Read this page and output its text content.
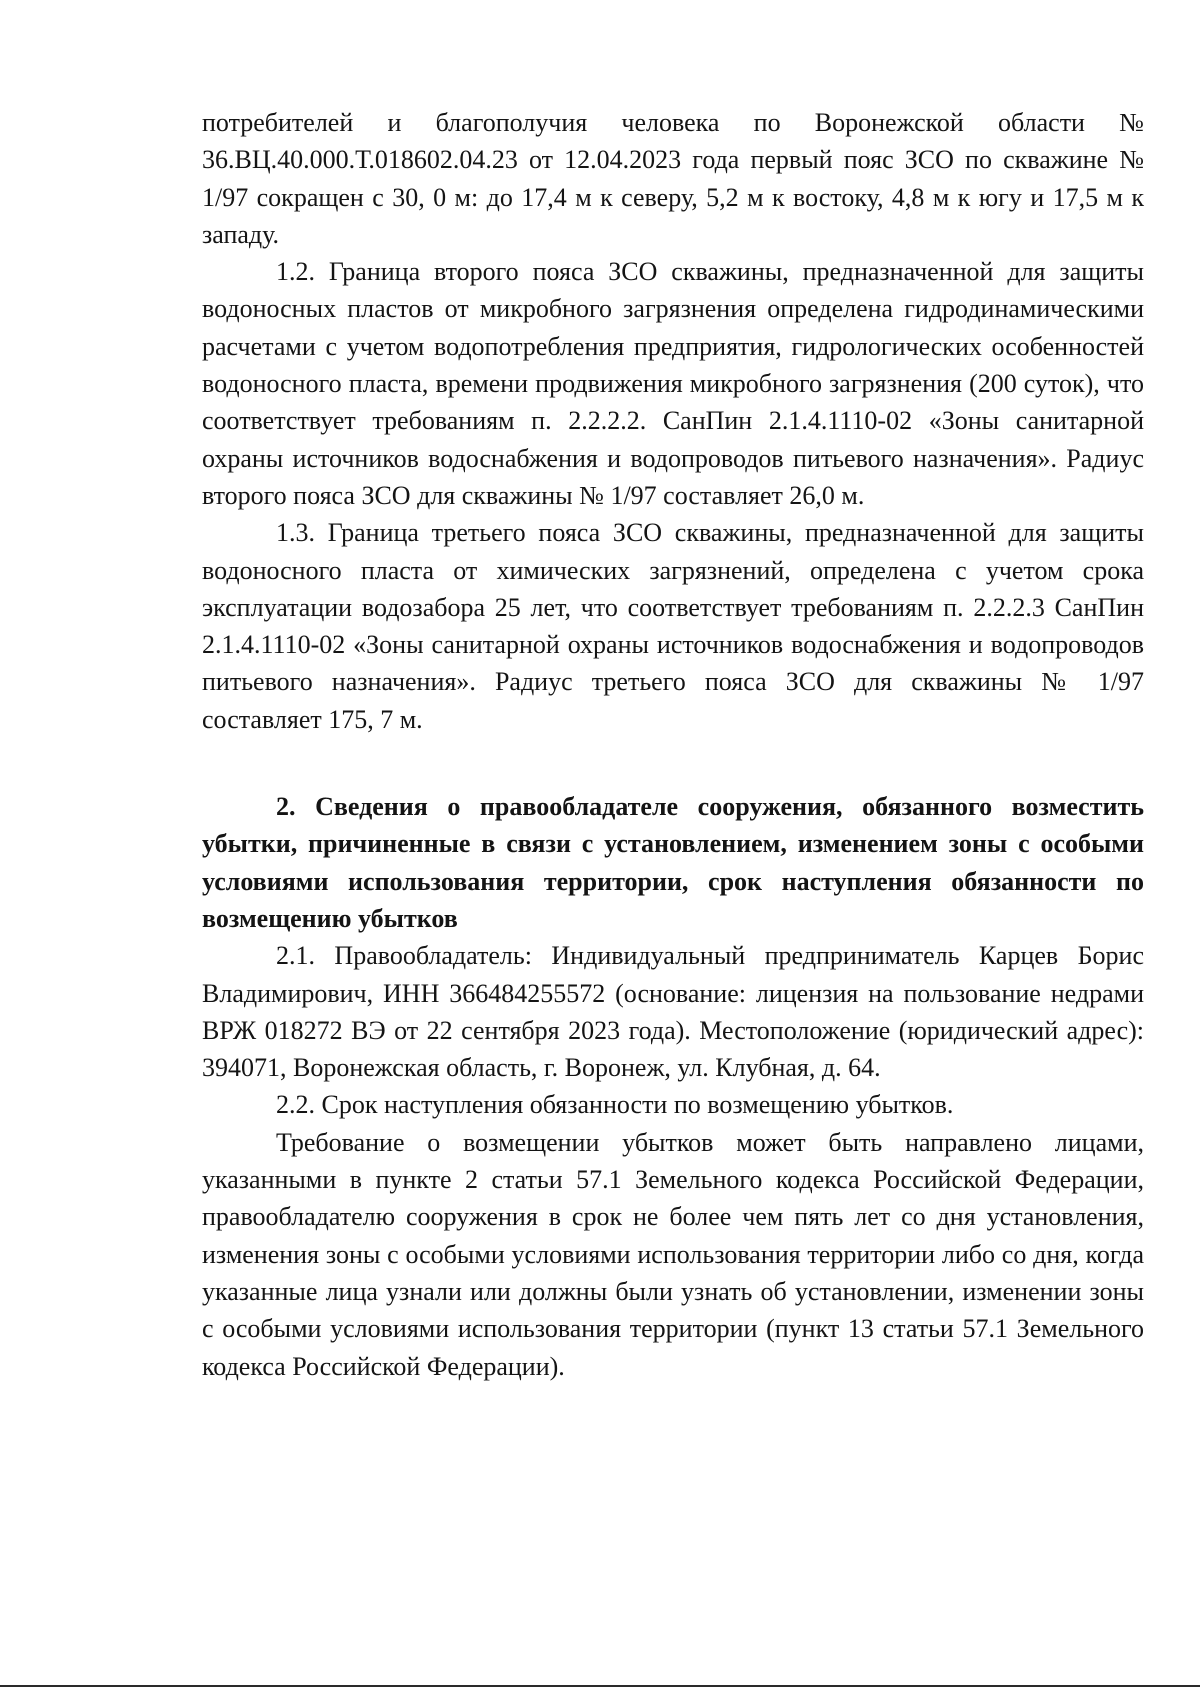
потребителей и благополучия человека по Воронежской области № 36.ВЦ.40.000.Т.018602.04.23 от 12.04.2023 года первый пояс ЗСО по скважине № 1/97 сокращен с 30, 0 м: до 17,4 м к северу, 5,2 м к востоку, 4,8 м к югу и 17,5 м к западу.

1.2. Граница второго пояса ЗСО скважины, предназначенной для защиты водоносных пластов от микробного загрязнения определена гидродинамическими расчетами с учетом водопотребления предприятия, гидрологических особенностей водоносного пласта, времени продвижения микробного загрязнения (200 суток), что соответствует требованиям п. 2.2.2.2. СанПин 2.1.4.1110-02 «Зоны санитарной охраны источников водоснабжения и водопроводов питьевого назначения». Радиус второго пояса ЗСО для скважины № 1/97 составляет 26,0 м.

1.3. Граница третьего пояса ЗСО скважины, предназначенной для защиты водоносного пласта от химических загрязнений, определена с учетом срока эксплуатации водозабора 25 лет, что соответствует требованиям п. 2.2.2.3 СанПин 2.1.4.1110-02 «Зоны санитарной охраны источников водоснабжения и водопроводов питьевого назначения». Радиус третьего пояса ЗСО для скважины № 1/97 составляет 175, 7 м.

2. Сведения о правообладателе сооружения, обязанного возместить убытки, причиненные в связи с установлением, изменением зоны с особыми условиями использования территории, срок наступления обязанности по возмещению убытков

2.1. Правообладатель: Индивидуальный предприниматель Карцев Борис Владимирович, ИНН 366484255572 (основание: лицензия на пользование недрами ВРЖ 018272 ВЭ от 22 сентября 2023 года). Местоположение (юридический адрес): 394071, Воронежская область, г. Воронеж, ул. Клубная, д. 64.

2.2. Срок наступления обязанности по возмещению убытков.

Требование о возмещении убытков может быть направлено лицами, указанными в пункте 2 статьи 57.1 Земельного кодекса Российской Федерации, правообладателю сооружения в срок не более чем пять лет со дня установления, изменения зоны с особыми условиями использования территории либо со дня, когда указанные лица узнали или должны были узнать об установлении, изменении зоны с особыми условиями использования территории (пункт 13 статьи 57.1 Земельного кодекса Российской Федерации).
